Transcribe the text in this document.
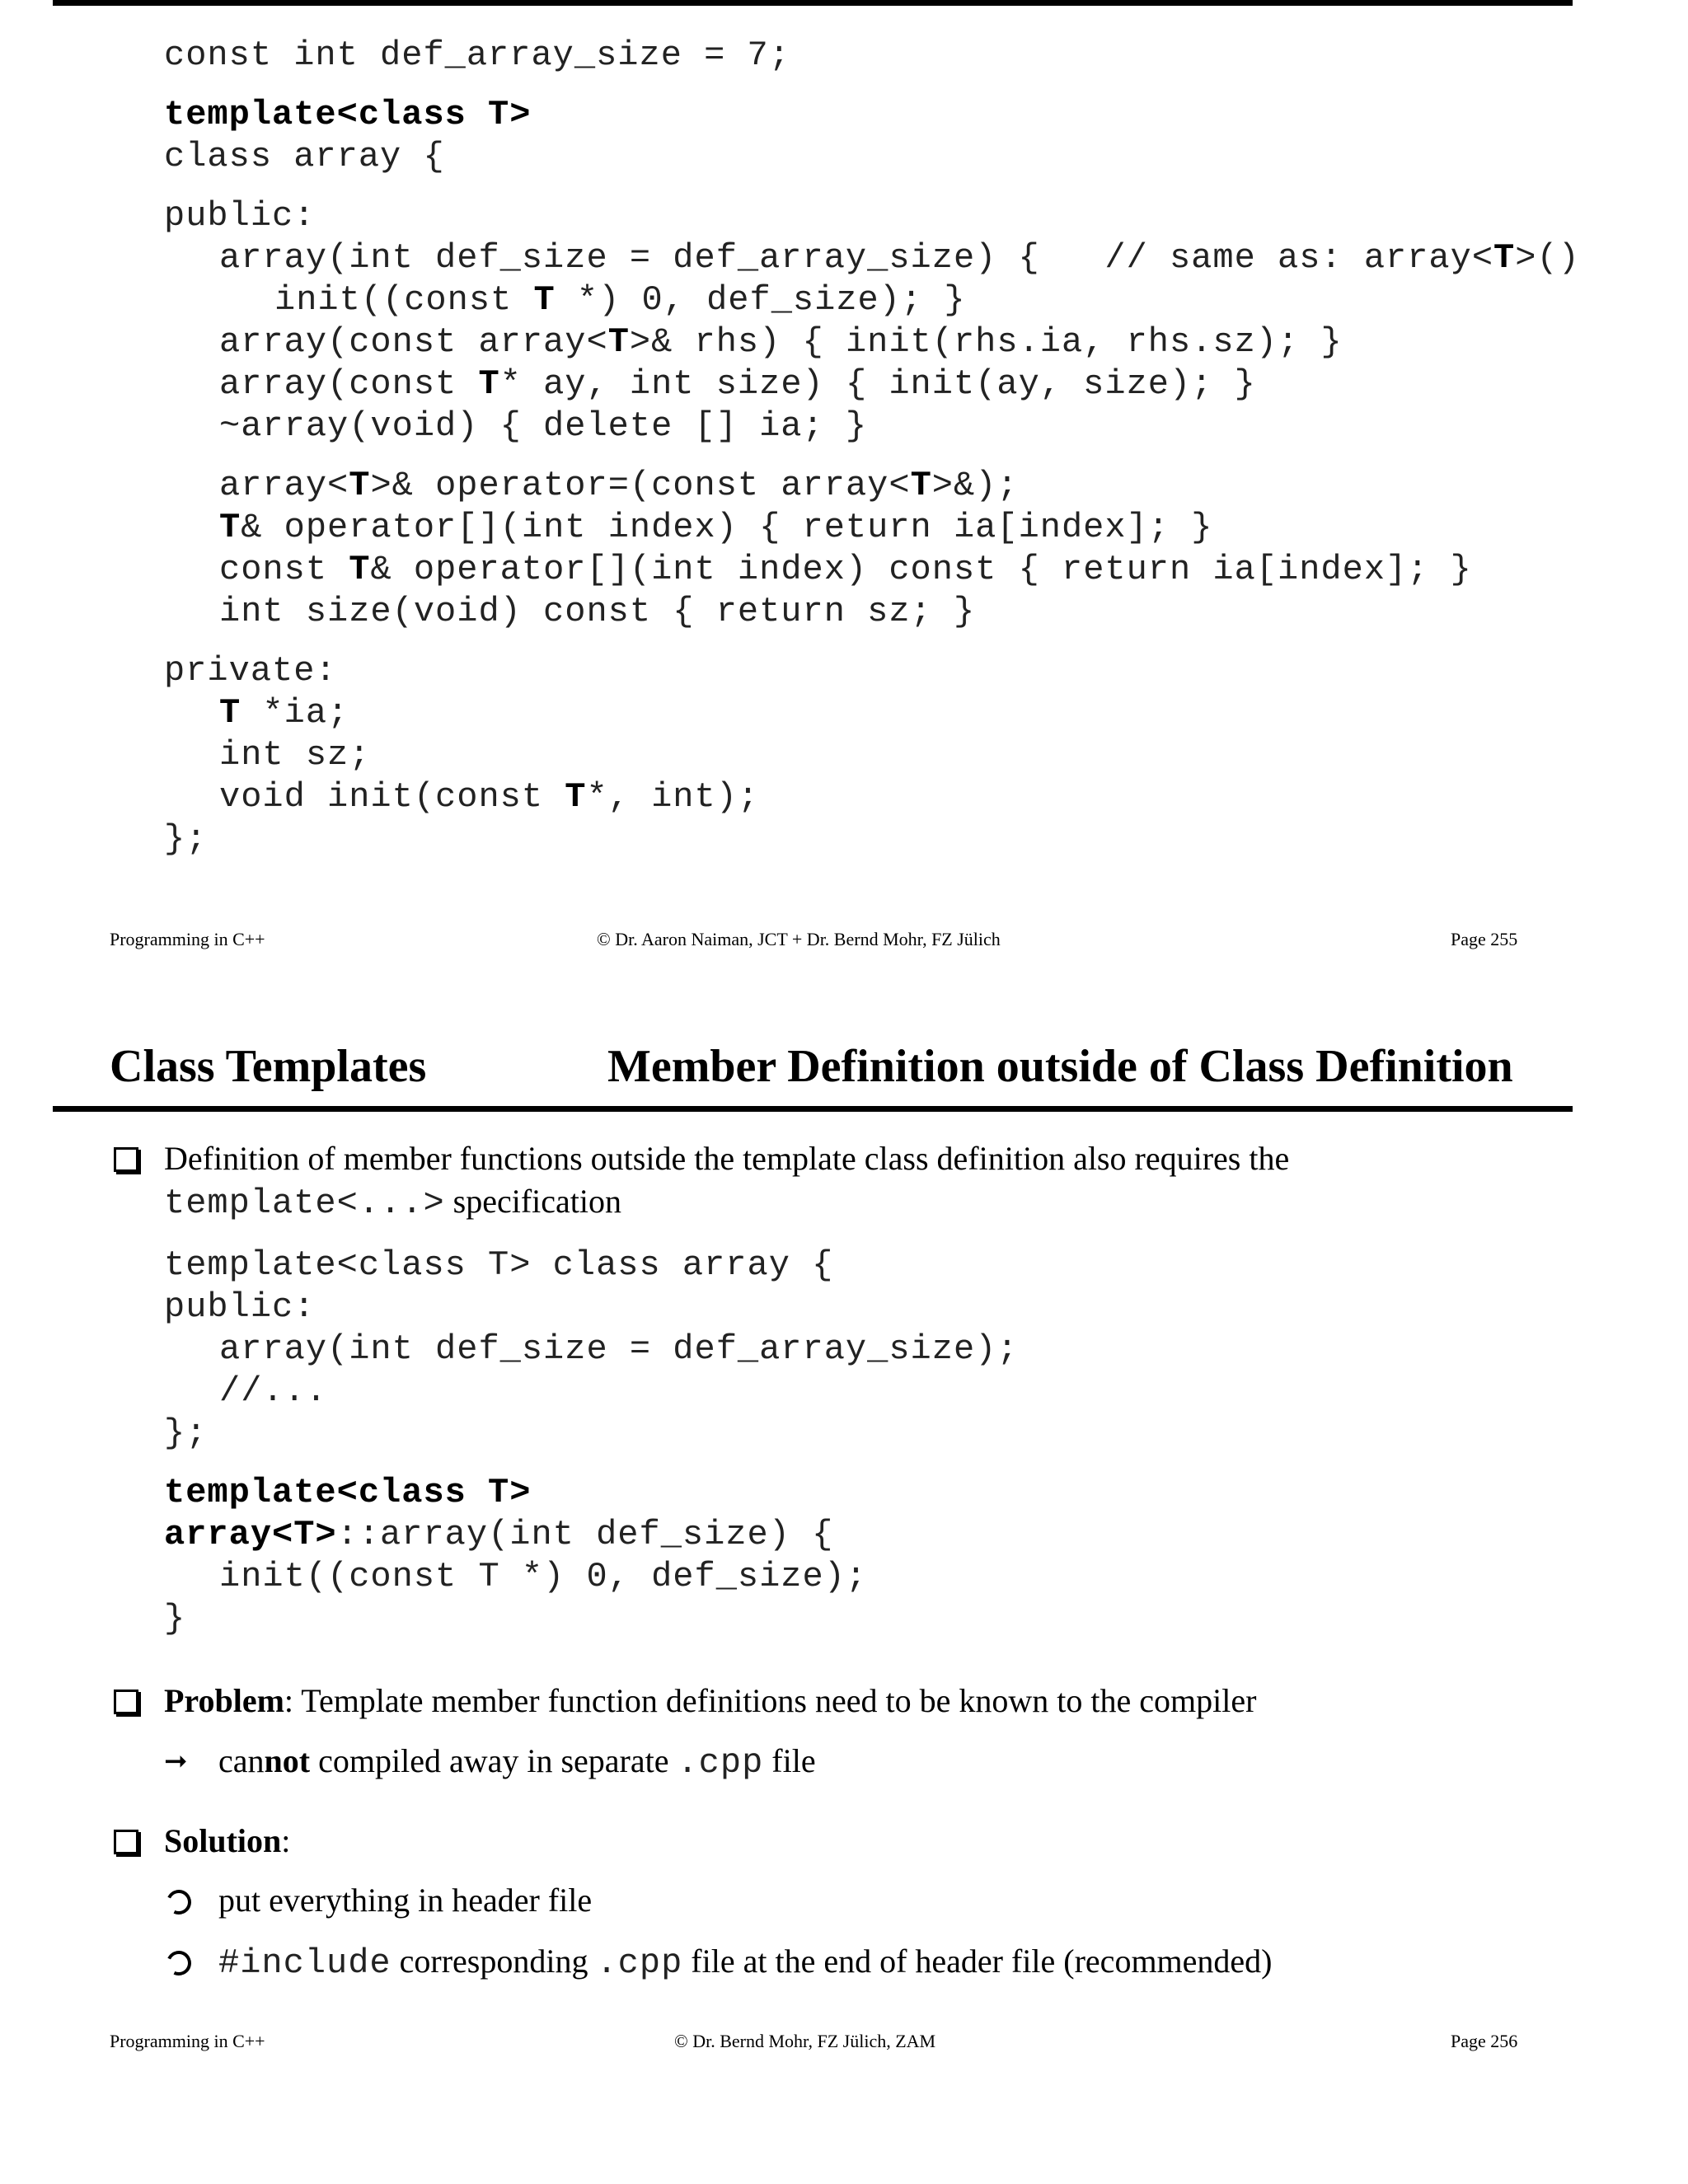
const int def_array_size = 7;
template<class T>
class array {
public:
array(int def_size = def_array_size) {   // same as: array<T>()
init((const T *) 0, def_size); }
array(const array<T>& rhs) { init(rhs.ia, rhs.sz); }
array(const T* ay, int size) { init(ay, size); }
~array(void) { delete [] ia; }
array<T>& operator=(const array<T>&);
T& operator[](int index) { return ia[index]; }
const T& operator[](int index) const { return ia[index]; }
int size(void) const { return sz; }
private:
T *ia;
int sz;
void init(const T*, int);
};
Programming in C++	© Dr. Aaron Naiman, JCT + Dr. Bernd Mohr, FZ Jülich	Page 255
Class Templates	Member Definition outside of Class Definition
Definition of member functions outside the template class definition also requires the
template<...> specification
template<class T> class array {
public:
array(int def_size = def_array_size);
//...
};
template<class T>
array<T>::array(int def_size) {
init((const T *) 0, def_size);
}
Problem: Template member function definitions need to be known to the compiler
➞ cannot compiled away in separate .cpp file
Solution:
put everything in header file
#include corresponding .cpp file at the end of header file (recommended)
Programming in C++	© Dr. Bernd Mohr, FZ Jülich, ZAM	Page 256
